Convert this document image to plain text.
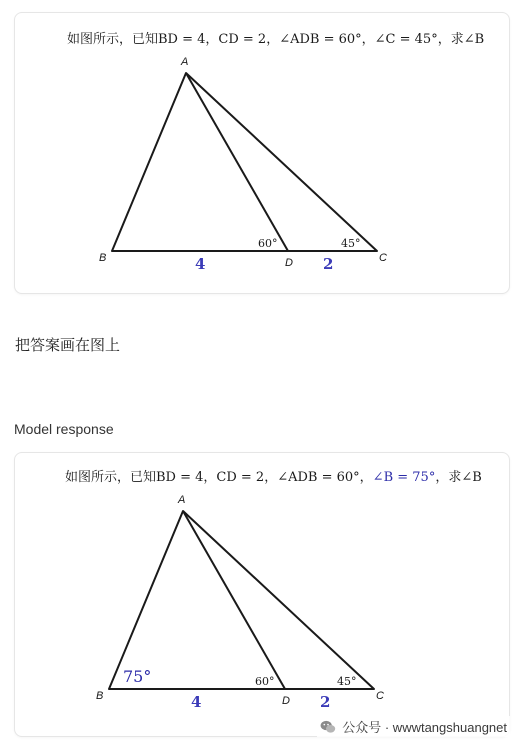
如图所示，已知BD = 4，CD = 2，∠ADB = 60°，∠C = 45°，求∠B
A
B	D	C
60°	45°
4	2
把答案画在图上
Model response
如图所示，已知BD = 4，CD = 2，∠ADB = 60°，∠B = 75°，求∠B
A
B	D	C
75°	60°	45°
4	2
公众号 · wwwtangshuangnet
